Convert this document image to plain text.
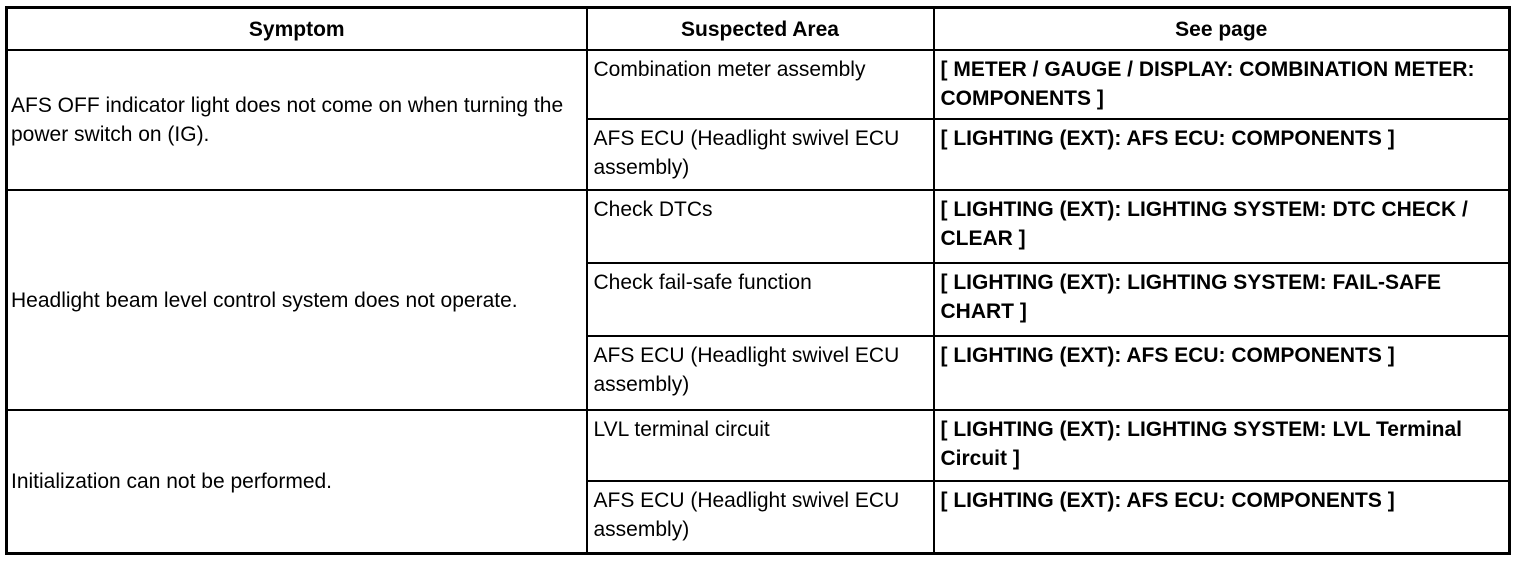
Symptom	Suspected Area	See page
AFS OFF indicator light does not come on when turning the power switch on (IG).	Combination meter assembly	[ METER / GAUGE / DISPLAY: COMBINATION METER: COMPONENTS ]
	AFS ECU (Headlight swivel ECU assembly)	[ LIGHTING (EXT): AFS ECU: COMPONENTS ]
Headlight beam level control system does not operate.	Check DTCs	[ LIGHTING (EXT): LIGHTING SYSTEM: DTC CHECK / CLEAR ]
	Check fail-safe function	[ LIGHTING (EXT): LIGHTING SYSTEM: FAIL-SAFE CHART ]
	AFS ECU (Headlight swivel ECU assembly)	[ LIGHTING (EXT): AFS ECU: COMPONENTS ]
Initialization can not be performed.	LVL terminal circuit	[ LIGHTING (EXT): LIGHTING SYSTEM: LVL Terminal Circuit ]
	AFS ECU (Headlight swivel ECU assembly)	[ LIGHTING (EXT): AFS ECU: COMPONENTS ]
